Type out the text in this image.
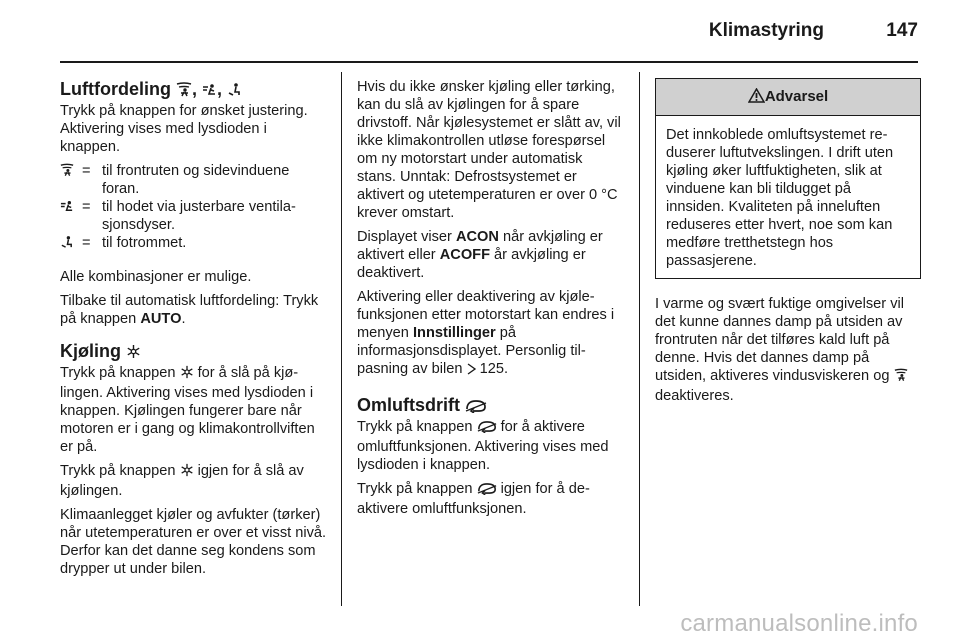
Klimastyring	147
Luftfordeling , ,

Trykk på knappen for ønsket justering. Aktivering vises med lysdioden i knappen.

= til frontruten og sidevinduene foran.
= til hodet via justerbare ventilasjonsdyser.
= til fotrommet.

Alle kombinasjoner er mulige.

Tilbake til automatisk luftfordeling: Trykk på knappen AUTO.

Kjøling

Trykk på knappen  for å slå på kjølingen. Aktivering vises med lysdioden i knappen. Kjølingen fungerer bare når motoren er i gang og klimakontrollviften er på.

Trykk på knappen  igjen for å slå av kjølingen.

Klimaanlegget kjøler og avfukter (tørker) når utetemperaturen er over et visst nivå. Derfor kan det danne seg kondens som drypper ut under bilen.

Hvis du ikke ønsker kjøling eller tørking, kan du slå av kjølingen for å spare drivstoff. Når kjølesystemet er slått av, vil ikke klimakontrollen utløse forespørsel om ny motorstart under automatisk stans. Unntak: Defrostsystemet er aktivert og utetemperaturen er over 0 °C krever omstart.

Displayet viser ACON når avkjøling er aktivert eller ACOFF år avkjøling er deaktivert.

Aktivering eller deaktivering av kjølefunksjonen etter motorstart kan endres i menyen Innstillinger på informasjonsdisplayet. Personlig tilpasning av bilen  125.

Omluftsdrift

Trykk på knappen  for å aktivere omluftfunksjonen. Aktivering vises med lysdioden i knappen.

Trykk på knappen  igjen for å deaktivere omluftfunksjonen.

Advarsel
Det innkoblede omluftsystemet reduserer luftutvekslingen. I drift uten kjøling øker luftfuktigheten, slik at vinduene kan bli tildugget på innsiden. Kvaliteten på inneluften reduseres etter hvert, noe som kan medføre tretthetstegn hos passasjerene.

I varme og svært fuktige omgivelser vil det kunne dannes damp på utsiden av frontruten når det tilføres kald luft på denne. Hvis det dannes damp på utsiden, aktiveres vindusviskeren og  deaktiveres.

carmanualsonline.info
